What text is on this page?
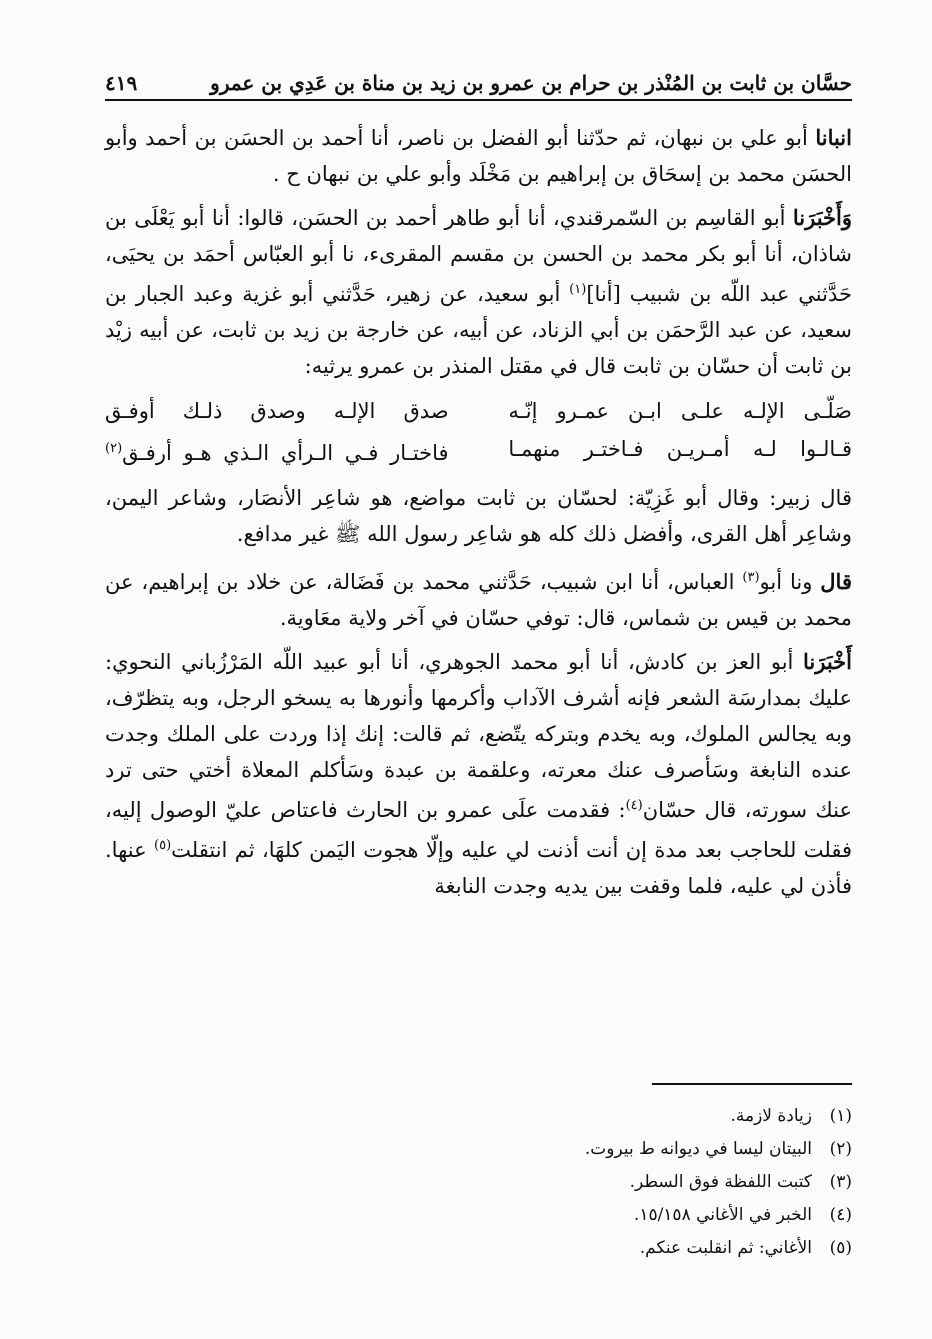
حسَّان بن ثابت بن المُنْذر بن حرام بن عمرو بن زيد بن مناة بن عَدِي بن عمرو
٤١٩

انبانا أبو علي بن نبهان، ثم حدّثنا أبو الفضل بن ناصر، أنا أحمد بن الحسَن بن أحمد وأبو الحسَن محمد بن إسحَاق بن إبراهيم بن مَخْلَد وأبو علي بن نبهان ح .

وَأَخْبَرَنا أبو القاسِم بن السّمرقندي، أنا أبو طاهر أحمد بن الحسَن، قالوا: أنا أبو يَعْلَى بن شاذان، أنا أبو بكر محمد بن الحسن بن مقسم المقرىء، نا أبو العبّاس أحمَد بن يحيَى، حَدَّثني عبد اللّه بن شبيب [أنا]$^{(١)}$ أبو سعيد، عن زهير، حَدَّثني أبو غزية وعبد الجبار بن سعيد، عن عبد الرَّحمَن بن أبي الزناد، عن أبيه، عن خارجة بن زيد بن ثابت، عن أبيه زيْد بن ثابت أن حسّان بن ثابت قال في مقتل المنذر بن عمرو يرثيه:

صَلّـى الإلـه علـى ابـن عمـرو إنّـه
صدق الإلـه وصدق ذلـك أوفـق
قـالـوا لـه أمـريـن فـاختـر منهمـا
فاختـار فـي الـرأي الـذي هـو أرفـق$^{(٢)}$

قال زبير: وقال أبو غَزِيّة: لحسّان بن ثابت مواضع، هو شاعِر الأنصَار، وشاعر اليمن، وشاعِر أهل القرى، وأفضل ذلك كله هو شاعِر رسول الله ﷺ غير مدافع.

قال ونا أبو$^{(٣)}$ العباس، أنا ابن شبيب، حَدَّثني محمد بن فَضَالة، عن خلاد بن إبراهيم، عن محمد بن قيس بن شماس، قال: توفي حسّان في آخر ولاية معَاوية.

أَخْبَرَنا أبو العز بن كادش، أنا أبو محمد الجوهري، أنا أبو عبيد اللّه المَرْزُباني النحوي: عليك بمدارسَة الشعر فإنه أشرف الآداب وأكرمها وأنورها به يسخو الرجل، وبه يتظرّف، وبه يجالس الملوك، وبه يخدم وبتركه يتّضع، ثم قالت: إنك إذا وردت على الملك وجدت عنده النابغة وسَأصرف عنك معرته، وعلقمة بن عبدة وسَأكلم المعلاة أختي حتى ترد عنك سورته، قال حسّان$^{(٤)}$: فقدمت علَى عمرو بن الحارث فاعتاص عليّ الوصول إليه، فقلت للحاجب بعد مدة إن أنت أذنت لي عليه وإلّا هجوت اليَمن كلهَا، ثم انتقلت$^{(٥)}$ عنها. فأذن لي عليه، فلما وقفت بين يديه وجدت النابغة

(١)زيادة لازمة.
(٢)البيتان ليسا في ديوانه ط بيروت.
(٣)كتبت اللفظة فوق السطر.
(٤)الخبر في الأغاني ١٥/١٥٨.
(٥)الأغاني: ثم انقلبت عنكم.
